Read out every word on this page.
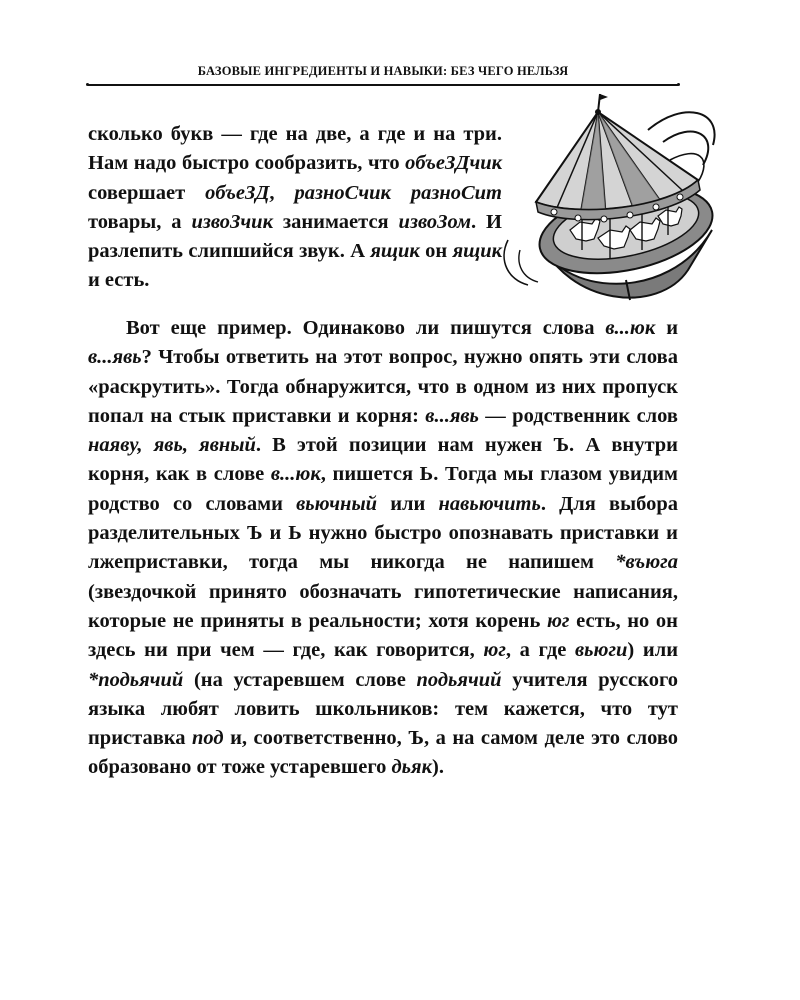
БАЗОВЫЕ ИНГРЕДИЕНТЫ И НАВЫКИ: БЕЗ ЧЕГО НЕЛЬЗЯ
сколько букв — где на две, а где и на три. Нам надо быстро сообразить, что объеЗДчик совершает объеЗД, разноСчик разноСит товары, а извоЗчик занимается извоЗом. И разлепить слипшийся звук. А ящик он ящик и есть.
Вот еще пример. Одинаково ли пишутся слова в...юк и в...явь? Чтобы ответить на этот вопрос, нужно опять эти слова «раскрутить». Тогда обнаружится, что в одном из них пропуск попал на стык приставки и корня: в...явь — родственник слов наяву, явь, явный. В этой позиции нам нужен Ъ. А внутри корня, как в слове в...юк, пишется Ь. Тогда мы глазом увидим родство со словами вьючный или навьючить. Для выбора разделительных Ъ и Ь нужно быстро опознавать приставки и лжеприставки, тогда мы никогда не напишем *въюга (звездочкой принято обозначать гипотетические написания, которые не приняты в реальности; хотя корень юг есть, но он здесь ни при чем — где, как говорится, юг, а где вьюги) или *подьячий (на устаревшем слове подьячий учителя русского языка любят ловить школьников: тем кажется, что тут приставка под и, соответственно, Ъ, а на самом деле это слово образовано от тоже устаревшего дьяк).
